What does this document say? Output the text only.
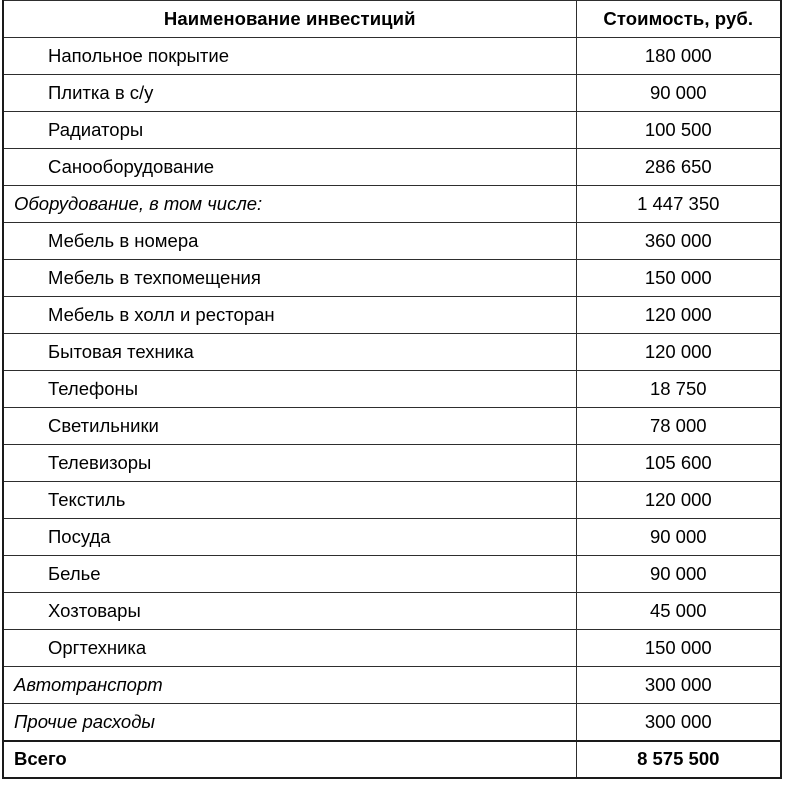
Наименование инвестиций	Стоимость, руб.
Напольное покрытие	180 000
Плитка в с/у	90 000
Радиаторы	100 500
Санооборудование	286 650
Оборудование, в том числе:	1 447 350
Мебель в номера	360 000
Мебель в техпомещения	150 000
Мебель в холл и ресторан	120 000
Бытовая техника	120 000
Телефоны	18 750
Светильники	78 000
Телевизоры	105 600
Текстиль	120 000
Посуда	90 000
Белье	90 000
Хозтовары	45 000
Оргтехника	150 000
Автотранспорт	300 000
Прочие расходы	300 000
Всего	8 575 500
